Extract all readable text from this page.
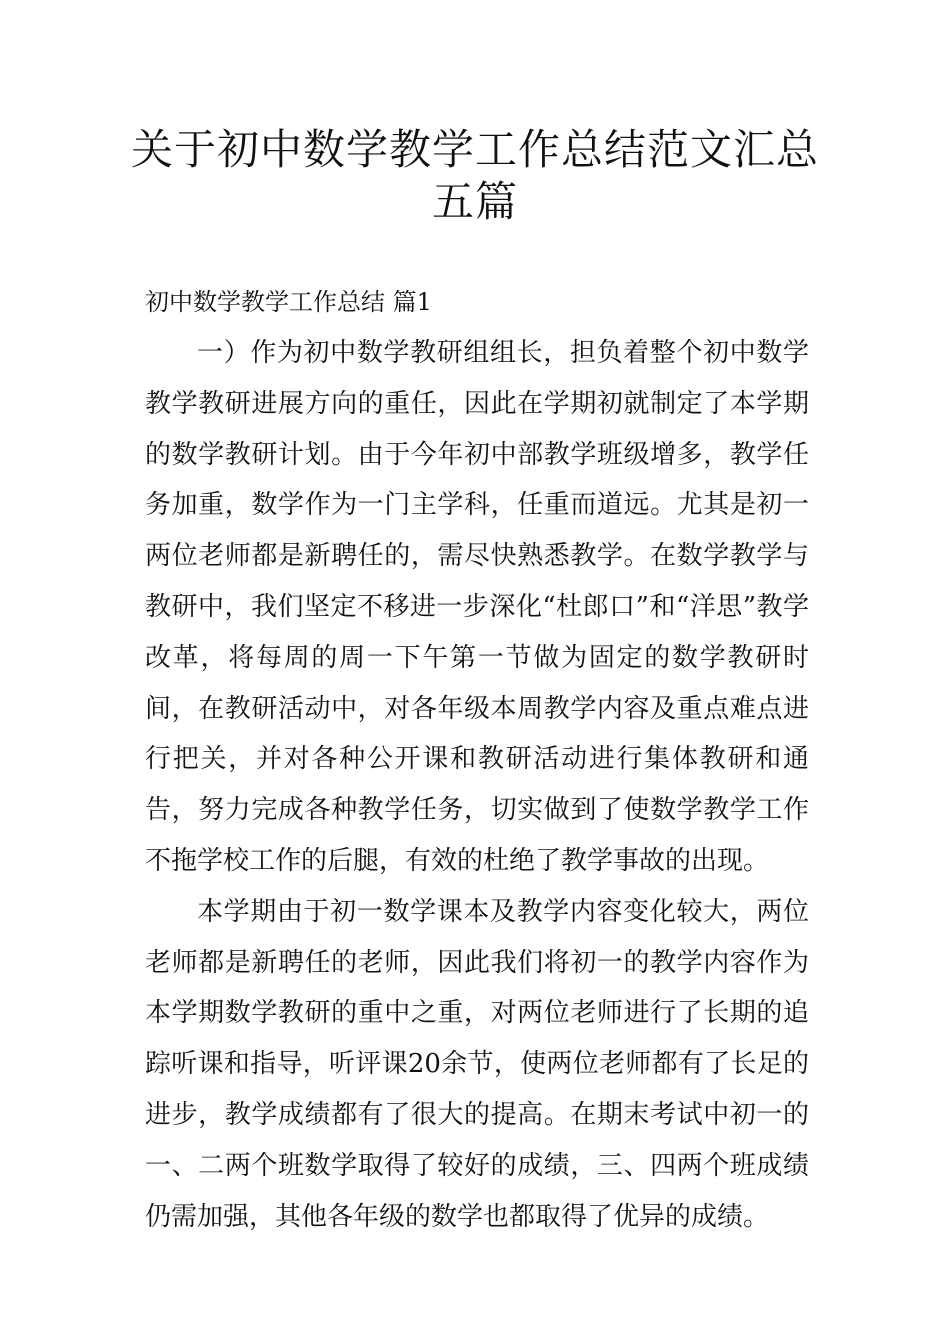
关于初中数学教学工作总结范文汇总五篇
初中数学教学工作总结 篇1

一）作为初中数学教研组组长，担负着整个初中数学教学教研进展方向的重任，因此在学期初就制定了本学期的数学教研计划。由于今年初中部教学班级增多，教学任务加重，数学作为一门主学科，任重而道远。尤其是初一两位老师都是新聘任的，需尽快熟悉教学。在数学教学与教研中，我们坚定不移进一步深化“杜郎口”和“洋思”教学改革，将每周的周一下午第一节做为固定的数学教研时间，在教研活动中，对各年级本周教学内容及重点难点进行把关，并对各种公开课和教研活动进行集体教研和通告，努力完成各种教学任务，切实做到了使数学教学工作不拖学校工作的后腿，有效的杜绝了教学事故的出现。

本学期由于初一数学课本及教学内容变化较大，两位老师都是新聘任的老师，因此我们将初一的教学内容作为本学期数学教研的重中之重，对两位老师进行了长期的追踪听课和指导，听评课20余节，使两位老师都有了长足的进步，教学成绩都有了很大的提高。在期末考试中初一的一、二两个班数学取得了较好的成绩，三、四两个班成绩仍需加强，其他各年级的数学也都取得了优异的成绩。
